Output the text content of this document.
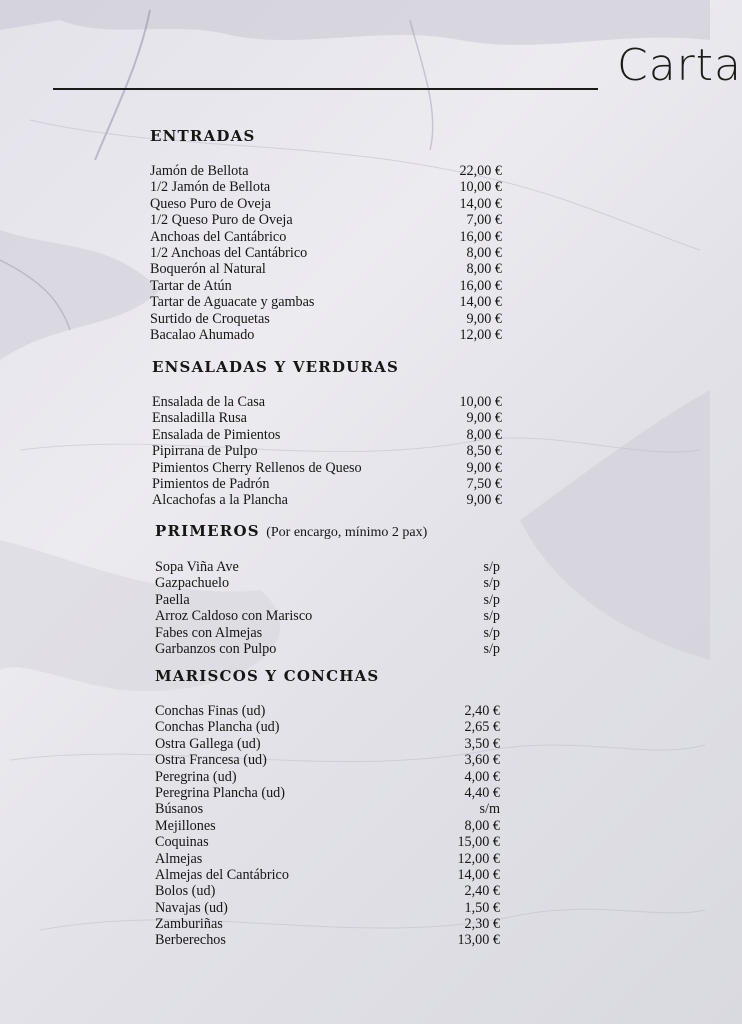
Carta
ENTRADAS
Jamón de Bellota	22,00 €
1/2 Jamón de Bellota	10,00 €
Queso Puro de Oveja	14,00 €
1/2 Queso Puro de Oveja	7,00 €
Anchoas del Cantábrico	16,00 €
1/2 Anchoas del Cantábrico	8,00 €
Boquerón al Natural	8,00 €
Tartar de Atún	16,00 €
Tartar de Aguacate y gambas	14,00 €
Surtido de Croquetas	9,00 €
Bacalao Ahumado	12,00 €
ENSALADAS Y VERDURAS
Ensalada de la Casa	10,00 €
Ensaladilla Rusa	9,00 €
Ensalada de Pimientos	8,00 €
Pipirrana de Pulpo	8,50 €
Pimientos Cherry Rellenos de Queso	9,00 €
Pimientos de Padrón	7,50 €
Alcachofas a la Plancha	9,00 €
PRIMEROS (Por encargo, mínimo 2 pax)
Sopa Viña Ave	s/p
Gazpachuelo	s/p
Paella	s/p
Arroz Caldoso con Marisco	s/p
Fabes con Almejas	s/p
Garbanzos con Pulpo	s/p
MARISCOS Y CONCHAS
Conchas Finas (ud)	2,40 €
Conchas Plancha (ud)	2,65 €
Ostra Gallega (ud)	3,50 €
Ostra Francesa (ud)	3,60 €
Peregrina (ud)	4,00 €
Peregrina Plancha (ud)	4,40 €
Búsanos	s/m
Mejillones	8,00 €
Coquinas	15,00 €
Almejas	12,00 €
Almejas del Cantábrico	14,00 €
Bolos (ud)	2,40 €
Navajas (ud)	1,50 €
Zamburiñas	2,30 €
Berberechos	13,00 €
